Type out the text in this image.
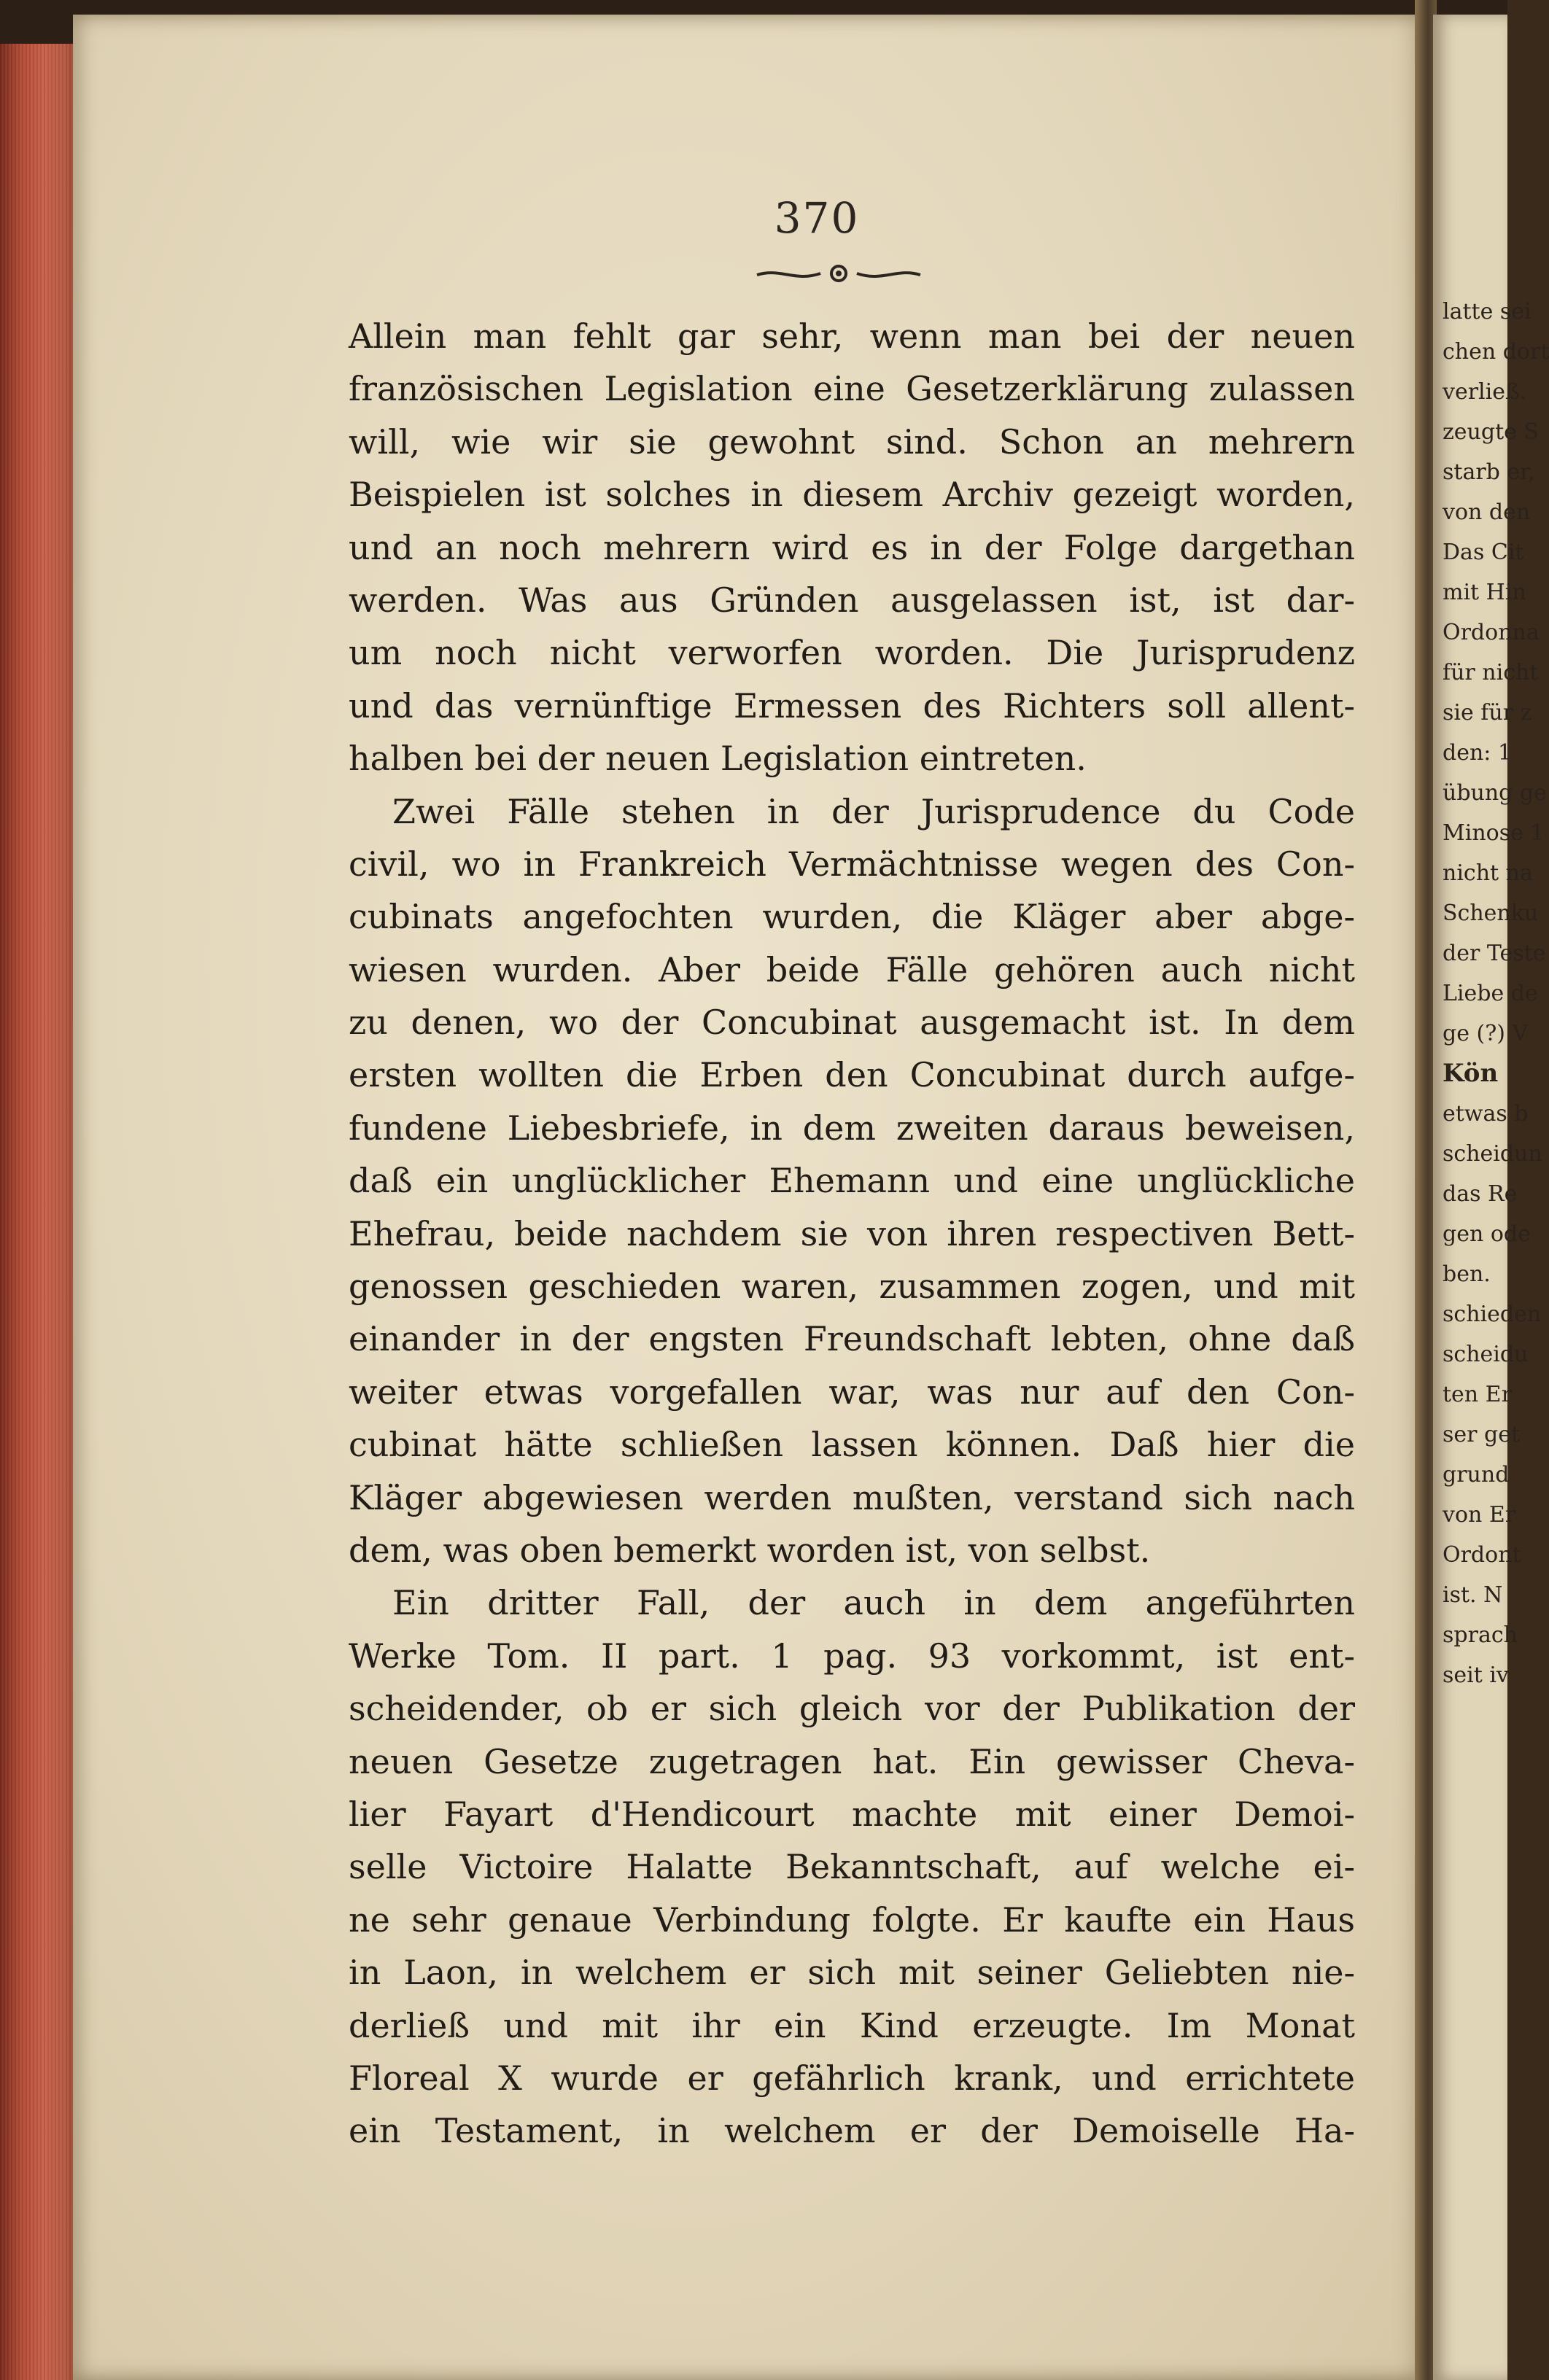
370
Allein man fehlt gar sehr, wenn man bei der neuen
französischen Legislation eine Gesetzerklärung zulassen
will, wie wir sie gewohnt sind. Schon an mehrern
Beispielen ist solches in diesem Archiv gezeigt worden,
und an noch mehrern wird es in der Folge dargethan
werden. Was aus Gründen ausgelassen ist, ist dar-
um noch nicht verworfen worden. Die Jurisprudenz
und das vernünftige Ermessen des Richters soll allent-
halben bei der neuen Legislation eintreten.
Zwei Fälle stehen in der Jurisprudence du Code
civil, wo in Frankreich Vermächtnisse wegen des Con-
cubinats angefochten wurden, die Kläger aber abge-
wiesen wurden. Aber beide Fälle gehören auch nicht
zu denen, wo der Concubinat ausgemacht ist. In dem
ersten wollten die Erben den Concubinat durch aufge-
fundene Liebesbriefe, in dem zweiten daraus beweisen,
daß ein unglücklicher Ehemann und eine unglückliche
Ehefrau, beide nachdem sie von ihren respectiven Bett-
genossen geschieden waren, zusammen zogen, und mit
einander in der engsten Freundschaft lebten, ohne daß
weiter etwas vorgefallen war, was nur auf den Con-
cubinat hätte schließen lassen können. Daß hier die
Kläger abgewiesen werden mußten, verstand sich nach
dem, was oben bemerkt worden ist, von selbst.
Ein dritter Fall, der auch in dem angeführten
Werke Tom. II part. 1 pag. 93 vorkommt, ist ent-
scheidender, ob er sich gleich vor der Publikation der
neuen Gesetze zugetragen hat. Ein gewisser Cheva-
lier Fayart d'Hendicourt machte mit einer Demoi-
selle Victoire Halatte Bekanntschaft, auf welche ei-
ne sehr genaue Verbindung folgte. Er kaufte ein Haus
in Laon, in welchem er sich mit seiner Geliebten nie-
derließ und mit ihr ein Kind erzeugte. Im Monat
Floreal X wurde er gefährlich krank, und errichtete
ein Testament, in welchem er der Demoiselle Ha-
latte sei
chen dort
verließ.
zeugte S
starb er,
von den
Das Cit
mit Hin
Ordonna
für nicht
sie für z
den: 1
übung ge
Minose 1
nicht na
Schenku
der Teste
Liebe de
ge (?) V
Kön
etwas b
scheidun
das Re
gen ode
ben.
schieden
scheidu
ten Er
ser get
grund
von Er
Ordont
ist. N
sprach
seit iv
